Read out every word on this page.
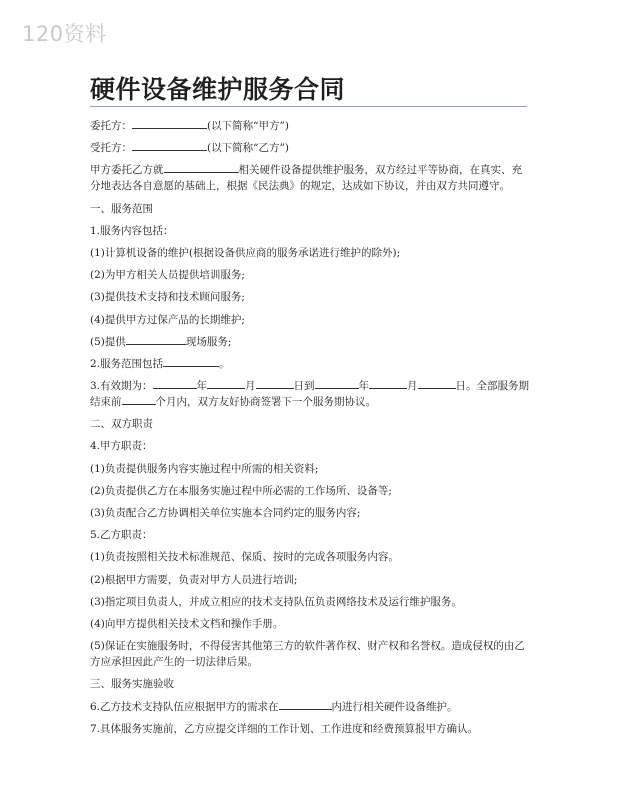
120资料
硬件设备维护服务合同

委托方：	(以下简称“甲方”)

受托方：	(以下简称“乙方”)

甲方委托乙方就	相关硬件设备提供维护服务，双方经过平等协商，在真实、充分地表达各自意愿的基础上，根据《民法典》的规定，达成如下协议，并由双方共同遵守。

一、服务范围

1.服务内容包括：

(1)计算机设备的维护(根据设备供应商的服务承诺进行维护的除外);

(2)为甲方相关人员提供培训服务;

(3)提供技术支持和技术顾问服务;

(4)提供甲方过保产品的长期维护;

(5)提供	现场服务;

2.服务范围包括	。

3.有效期为：	年	月	日到	年	月	日。全部服务期结束前	个月内，双方友好协商签署下一个服务期协议。

二、双方职责

4.甲方职责：

(1)负责提供服务内容实施过程中所需的相关资料;

(2)负责提供乙方在本服务实施过程中所必需的工作场所、设备等;

(3)负责配合乙方协调相关单位实施本合同约定的服务内容;

5.乙方职责：

(1)负责按照相关技术标准规范、保质、按时的完成各项服务内容。

(2)根据甲方需要，负责对甲方人员进行培训;

(3)指定项目负责人，并成立相应的技术支持队伍负责网络技术及运行维护服务。

(4)向甲方提供相关技术文档和操作手册。

(5)保证在实施服务时，不得侵害其他第三方的软件著作权、财产权和名誉权。造成侵权的由乙方应承担因此产生的一切法律后果。

三、服务实施验收

6.乙方技术支持队伍应根据甲方的需求在	内进行相关硬件设备维护。

7.具体服务实施前，乙方应提交详细的工作计划、工作进度和经费预算报甲方确认。
